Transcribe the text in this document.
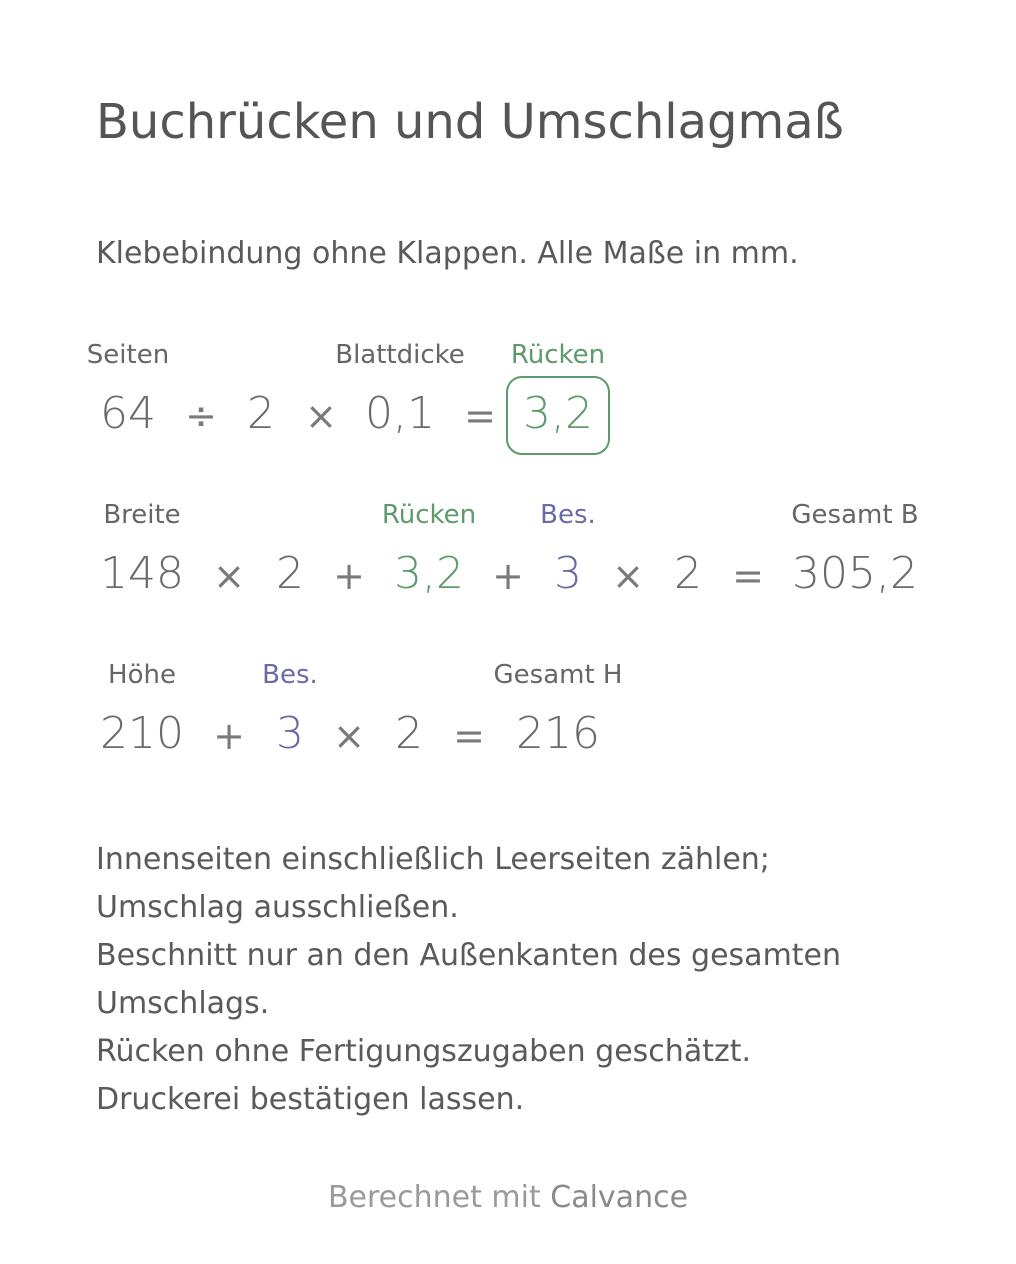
Buchrücken und Umschlagmaß
Klebebindung ohne Klappen. Alle Maße in mm.
Seiten	Blattdicke Rücken
64 ÷ 2 × 0,1 = 3,2
Breite	Rücken Bes.	Gesamt B
148 × 2 + 3,2 + 3 × 2 = 305,2
Höhe	Bes.	Gesamt H
210 + 3 × 2 = 216
Innenseiten einschließlich Leerseiten zählen;
Umschlag ausschließen.
Beschnitt nur an den Außenkanten des gesamten
Umschlags.
Rücken ohne Fertigungszugaben geschätzt.
Druckerei bestätigen lassen.
Berechnet mit Calvance
